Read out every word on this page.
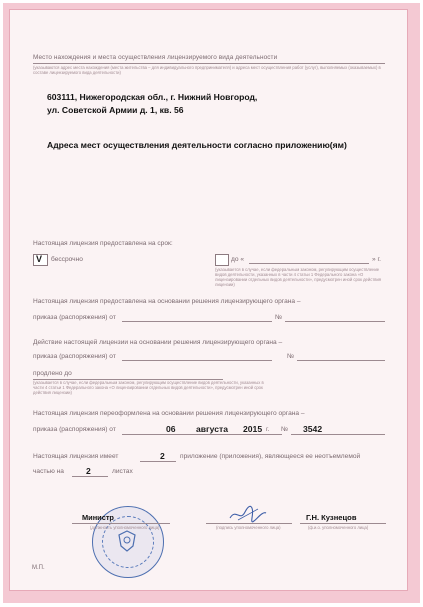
Место нахождения и места осуществления лицензируемого вида деятельности
(указываются адрес места нахождения (места жительства – для индивидуального предпринимателя) и адреса мест осуществления работ (услуг), выполняемых (оказываемых) в составе лицензируемого вида деятельности)
603111, Нижегородская обл., г. Нижний Новгород,
ул. Советской Армии д. 1, кв. 56
Адреса мест осуществления деятельности согласно приложению(ям)
Настоящая лицензия предоставлена на срок:
V бессрочно	до «	» г.
(указывается в случае, если федеральным законом, регулирующим осуществление видов деятельности, указанных в части 4 статьи 1 Федерального закона «О лицензировании отдельных видов деятельности», предусмотрен иной срок действия лицензии)
Настоящая лицензия предоставлена на основании решения лицензирующего органа –
приказа (распоряжения) от	№
Действие настоящей лицензии на основании решения лицензирующего органа –
приказа (распоряжения) от	№
продлено до
(указывается в случае, если федеральным законом, регулирующим осуществление видов деятельности, указанных в части 4 статьи 1 Федерального закона «О лицензировании отдельных видов деятельности», предусмотрен иной срок действия лицензии)
Настоящая лицензия переоформлена на основании решения лицензирующего органа –
приказа (распоряжения) от	06 августа 2015 г. № 3542
Настоящая лицензия имеет	2 приложение (приложения), являющееся ее неотъемлемой
частью на	2	листах
Министр
(должность уполномоченного лица)	(подпись уполномоченного лица)
Г.Н. Кузнецов
(ф.и.о. уполномоченного лица)
М.П.
